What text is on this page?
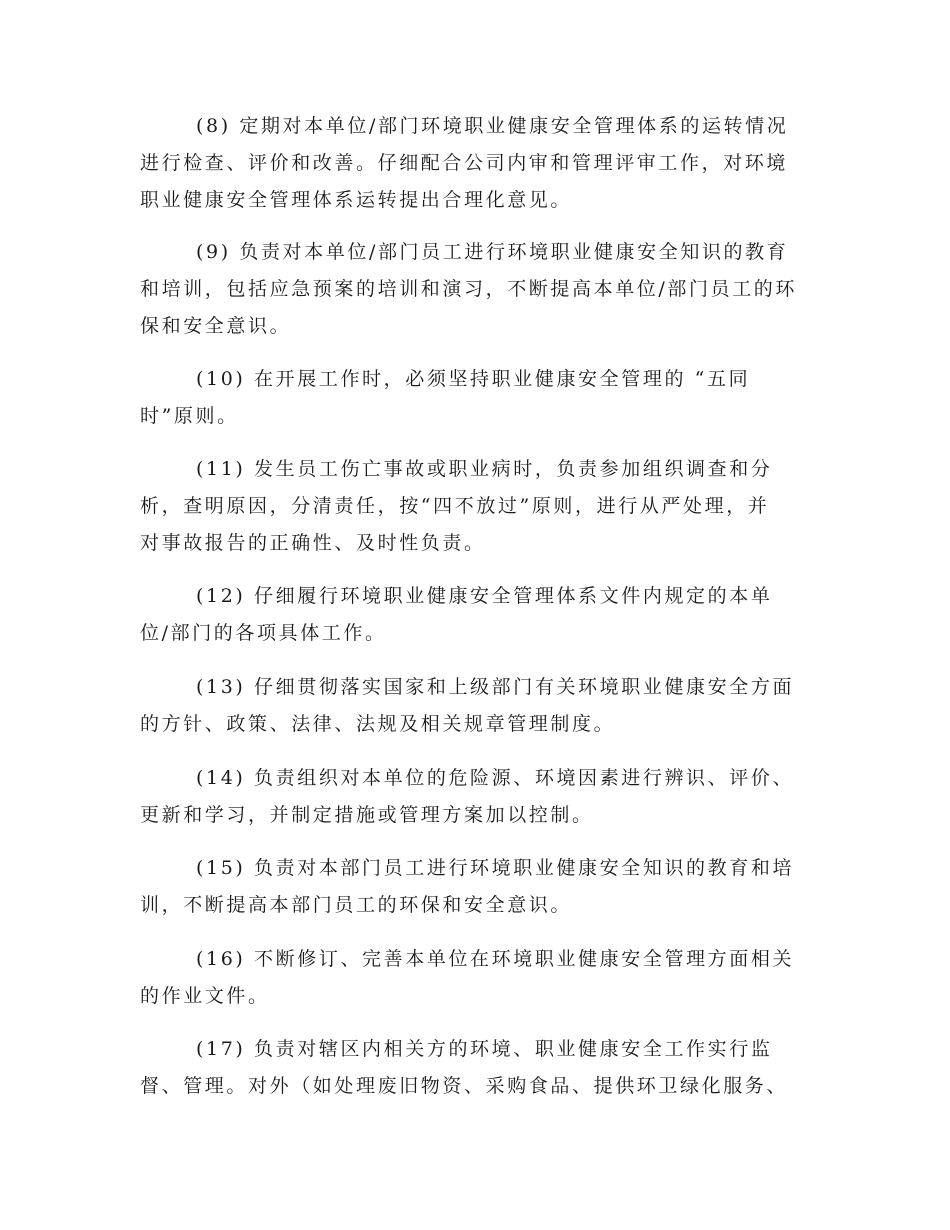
(8) 定期对本单位/部门环境职业健康安全管理体系的运转情况
进行检查、评价和改善。仔细配合公司内审和管理评审工作，对环境
职业健康安全管理体系运转提出合理化意见。
(9) 负责对本单位/部门员工进行环境职业健康安全知识的教育
和培训，包括应急预案的培训和演习，不断提高本单位/部门员工的环
保和安全意识。
(10) 在开展工作时，必须坚持职业健康安全管理的 “五同
时”原则。
(11) 发生员工伤亡事故或职业病时，负责参加组织调查和分
析，查明原因，分清责任，按“四不放过”原则，进行从严处理，并
对事故报告的正确性、及时性负责。
(12) 仔细履行环境职业健康安全管理体系文件内规定的本单
位/部门的各项具体工作。
(13) 仔细贯彻落实国家和上级部门有关环境职业健康安全方面
的方针、政策、法律、法规及相关规章管理制度。
(14) 负责组织对本单位的危险源、环境因素进行辨识、评价、
更新和学习，并制定措施或管理方案加以控制。
(15) 负责对本部门员工进行环境职业健康安全知识的教育和培
训，不断提高本部门员工的环保和安全意识。
(16) 不断修订、完善本单位在环境职业健康安全管理方面相关
的作业文件。
(17) 负责对辖区内相关方的环境、职业健康安全工作实行监
督、管理。对外（如处理废旧物资、采购食品、提供环卫绿化服务、
